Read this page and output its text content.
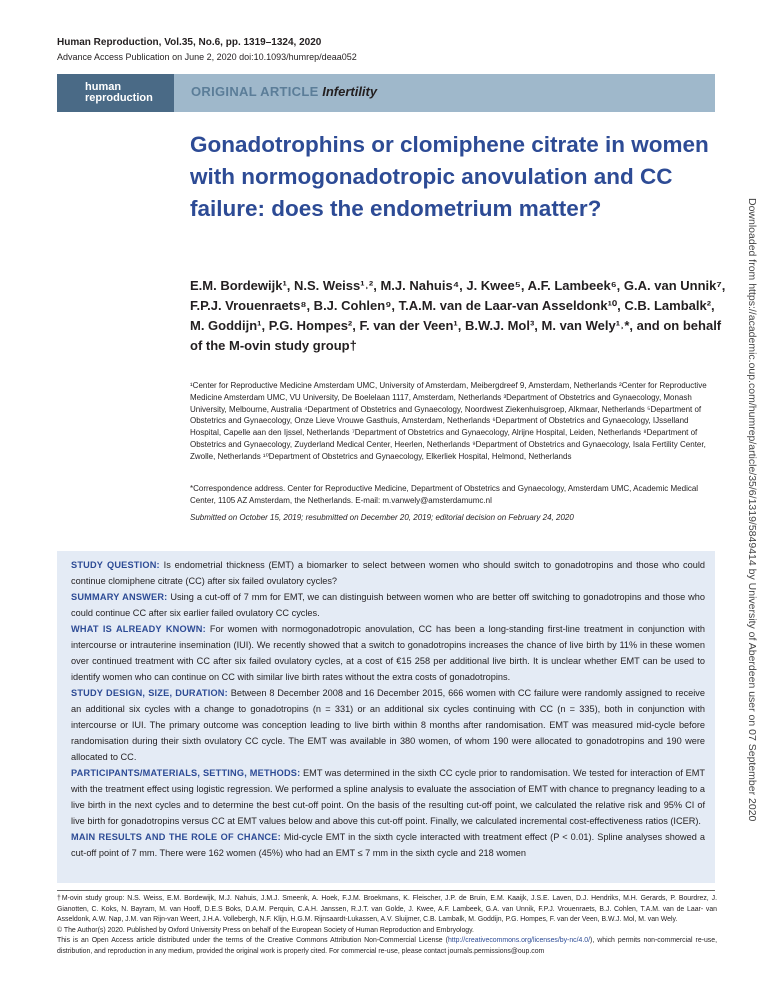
Human Reproduction, Vol.35, No.6, pp. 1319–1324, 2020
Advance Access Publication on June 2, 2020 doi:10.1093/humrep/deaa052
human
reproduction	ORIGINAL ARTICLE Infertility
Gonadotrophins or clomiphene citrate in women with normogonadotropic anovulation and CC failure: does the endometrium matter?
E.M. Bordewijk¹, N.S. Weiss¹˒², M.J. Nahuis⁴, J. Kwee⁵, A.F. Lambeek⁶, G.A. van Unnik⁷, F.P.J. Vrouenraets⁸, B.J. Cohlen⁹, T.A.M. van de Laar-van Asseldonk¹⁰, C.B. Lambalk², M. Goddijn¹, P.G. Hompes², F. van der Veen¹, B.W.J. Mol³, M. van Wely¹˒*, and on behalf of the M-ovin study group†
¹Center for Reproductive Medicine Amsterdam UMC, University of Amsterdam, Meibergdreef 9, Amsterdam, Netherlands ²Center for Reproductive Medicine Amsterdam UMC, VU University, De Boelelaan 1117, Amsterdam, Netherlands ³Department of Obstetrics and Gynaecology, Monash University, Melbourne, Australia ⁴Department of Obstetrics and Gynaecology, Noordwest Ziekenhuisgroep, Alkmaar, Netherlands ⁵Department of Obstetrics and Gynaecology, Onze Lieve Vrouwe Gasthuis, Amsterdam, Netherlands ⁶Department of Obstetrics and Gynaecology, IJsselland Hospital, Capelle aan den Ijssel, Netherlands ⁷Department of Obstetrics and Gynaecology, Alrijne Hospital, Leiden, Netherlands ⁸Department of Obstetrics and Gynaecology, Zuyderland Medical Center, Heerlen, Netherlands ⁹Department of Obstetrics and Gynaecology, Isala Fertility Center, Zwolle, Netherlands ¹⁰Department of Obstetrics and Gynaecology, Elkerliek Hospital, Helmond, Netherlands
*Correspondence address. Center for Reproductive Medicine, Department of Obstetrics and Gynaecology, Amsterdam UMC, Academic Medical Center, 1105 AZ Amsterdam, the Netherlands. E-mail: m.vanwely@amsterdamumc.nl
Submitted on October 15, 2019; resubmitted on December 20, 2019; editorial decision on February 24, 2020

STUDY QUESTION: Is endometrial thickness (EMT) a biomarker to select between women who should switch to gonadotropins and those who could continue clomiphene citrate (CC) after six failed ovulatory cycles?

SUMMARY ANSWER: Using a cut-off of 7 mm for EMT, we can distinguish between women who are better off switching to gonadotropins and those who could continue CC after six earlier failed ovulatory CC cycles.

WHAT IS ALREADY KNOWN: For women with normogonadotropic anovulation, CC has been a long-standing first-line treatment in conjunction with intercourse or intrauterine insemination (IUI). We recently showed that a switch to gonadotropins increases the chance of live birth by 11% in these women over continued treatment with CC after six failed ovulatory cycles, at a cost of €15 258 per additional live birth. It is unclear whether EMT can be used to identify women who can continue on CC with similar live birth rates without the extra costs of gonadotropins.

STUDY DESIGN, SIZE, DURATION: Between 8 December 2008 and 16 December 2015, 666 women with CC failure were randomly assigned to receive an additional six cycles with a change to gonadotropins (n = 331) or an additional six cycles continuing with CC (n = 335), both in conjunction with intercourse or IUI. The primary outcome was conception leading to live birth within 8 months after randomisation. EMT was measured mid-cycle before randomisation during their sixth ovulatory CC cycle. The EMT was available in 380 women, of whom 190 were allocated to gonadotropins and 190 were allocated to CC.

PARTICIPANTS/MATERIALS, SETTING, METHODS: EMT was determined in the sixth CC cycle prior to randomisation. We tested for interaction of EMT with the treatment effect using logistic regression. We performed a spline analysis to evaluate the association of EMT with chance to pregnancy leading to a live birth in the next cycles and to determine the best cut-off point. On the basis of the resulting cut-off point, we calculated the relative risk and 95% CI of live birth for gonadotropins versus CC at EMT values below and above this cut-off point. Finally, we calculated incremental cost-effectiveness ratios (ICER).

MAIN RESULTS AND THE ROLE OF CHANCE: Mid-cycle EMT in the sixth cycle interacted with treatment effect (P < 0.01). Spline analyses showed a cut-off point of 7 mm. There were 162 women (45%) who had an EMT ≤ 7 mm in the sixth cycle and 218 women

†M-ovin study group: N.S. Weiss, E.M. Bordewijk, M.J. Nahuis, J.M.J. Smeenk, A. Hoek, F.J.M. Broekmans, K. Fleischer, J.P. de Bruin, E.M. Kaaijk, J.S.E. Laven, D.J. Hendriks, M.H. Gerards, P. Bourdrez, J. Gianotten, C. Koks, N. Bayram, M. van Hooff, D.E.S Boks, D.A.M. Perquin, C.A.H. Janssen, R.J.T. van Golde, J. Kwee, A.F. Lambeek, G.A. van Unnik, F.P.J. Vrouenraets, B.J. Cohlen, T.A.M. van de Laar- van Asseldonk, A.W. Nap, J.M. van Rijn-van Weert, J.H.A. Vollebergh, N.F. Klijn, H.G.M. Rijnsaardt-Lukassen, A.V. Sluijmer, C.B. Lambalk, M. Goddijn, P.G. Hompes, F. van der Veen, B.W.J. Mol, M. van Wely.
© The Author(s) 2020. Published by Oxford University Press on behalf of the European Society of Human Reproduction and Embryology.
This is an Open Access article distributed under the terms of the Creative Commons Attribution Non-Commercial License (http://creativecommons.org/licenses/by-nc/4.0/), which permits non-commercial re-use, distribution, and reproduction in any medium, provided the original work is properly cited. For commercial re-use, please contact journals.permissions@oup.com
Downloaded from https://academic.oup.com/humrep/article/35/6/1319/5849414 by University of Aberdeen user on 07 September 2020
